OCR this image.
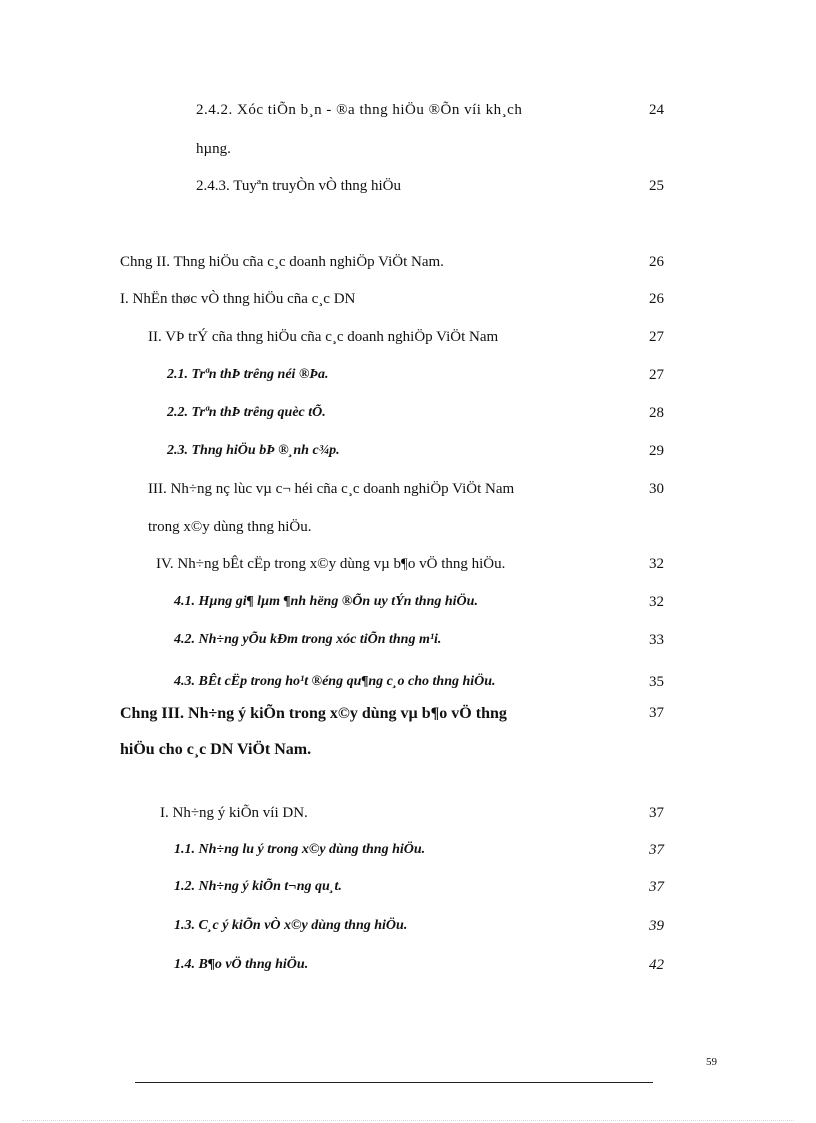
2.4.2. Xóc tiÕn b¸n - ®a thng hiÖu ®Õn víi kh¸ch	24
hµng.
2.4.3. Tuyªn truyÒn vÒ thng hiÖu	25
Chng II. Thng hiÖu cña c¸c doanh nghiÖp ViÖt Nam.	26
I. NhËn thøc vÒ thng hiÖu cña c¸c DN	26
II. VÞ trÝ cña thng hiÖu cña c¸c doanh nghiÖp ViÖt Nam	27
2.1. Trªn thÞ trêng néi ®Þa.	27
2.2. Trªn thÞ trêng quèc tÕ.	28
2.3. Thng hiÖu bÞ ®¸nh c¾p.	29
III. Nh÷ng nç lùc vµ c¬ héi cña c¸c doanh nghiÖp ViÖt Nam	30
trong x©y dùng thng hiÖu.
IV. Nh÷ng bÊt cËp trong x©y dùng vµ b¶o vÖ thng hiÖu.	32
4.1. Hµng gi¶ lµm ¶nh hëng ®Õn uy tÝn thng hiÖu.	32
4.2. Nh÷ng yÕu kÐm trong xóc tiÕn thng m¹i.	33
4.3. BÊt cËp trong ho¹t ®éng qu¶ng c¸o cho thng hiÖu.	35
Chng III. Nh÷ng ý kiÕn trong x©y dùng vµ b¶o vÖ thng	37
hiÖu cho c¸c DN ViÖt Nam.
I. Nh÷ng ý kiÕn víi DN.	37
1.1. Nh÷ng lu ý trong x©y dùng thng hiÖu.	37
1.2. Nh÷ng ý kiÕn t¬ng qu¸t.	37
1.3. C¸c ý kiÕn vÒ x©y dùng thng hiÖu.	39
1.4. B¶o vÖ thng hiÖu.	42
59
